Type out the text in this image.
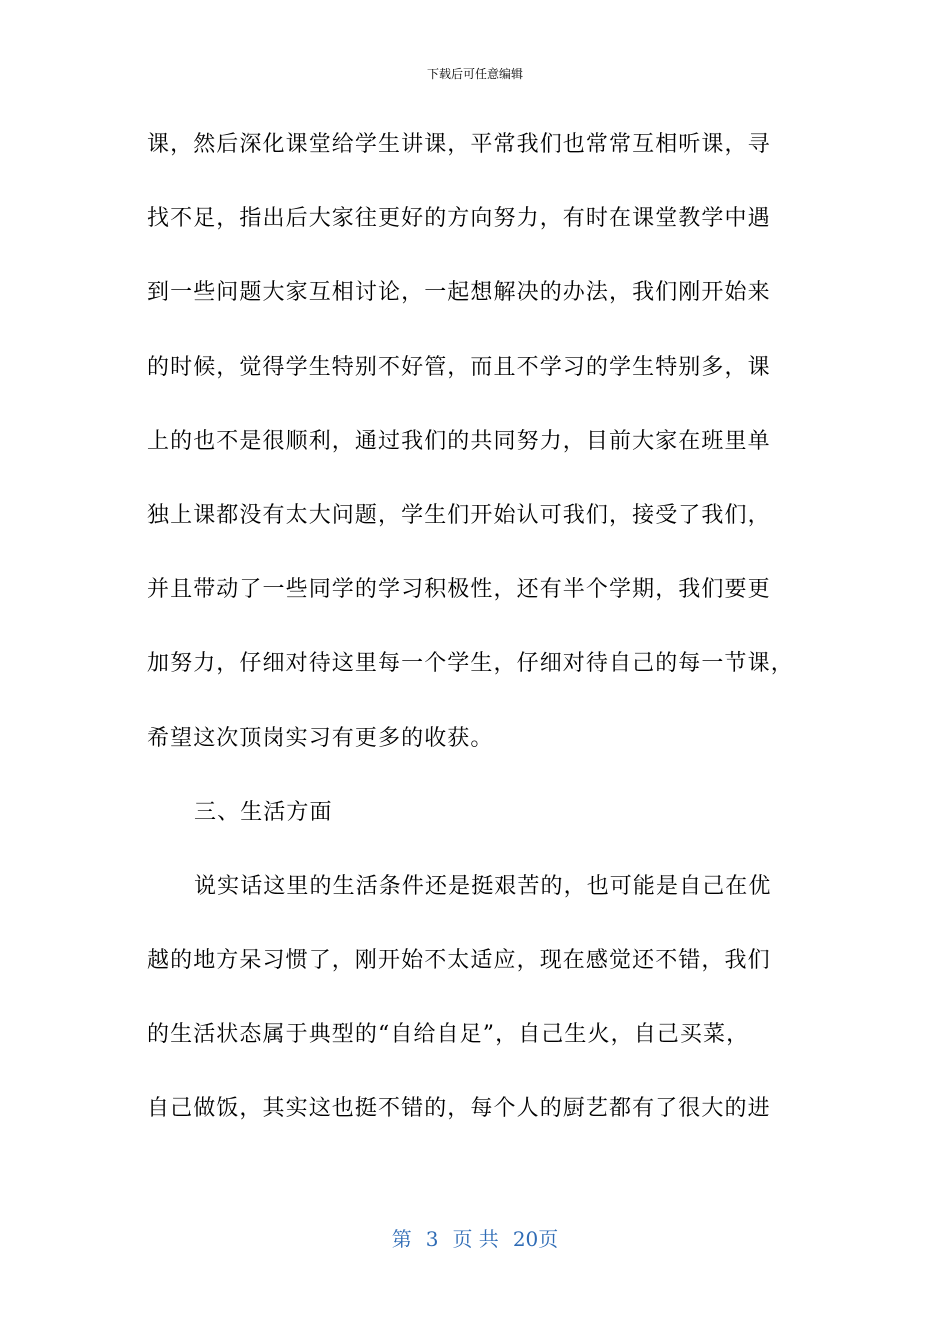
下载后可任意编辑
课，然后深化课堂给学生讲课，平常我们也常常互相听课，寻
找不足，指出后大家往更好的方向努力，有时在课堂教学中遇
到一些问题大家互相讨论，一起想解决的办法，我们刚开始来
的时候，觉得学生特别不好管，而且不学习的学生特别多，课
上的也不是很顺利，通过我们的共同努力，目前大家在班里单
独上课都没有太大问题，学生们开始认可我们，接受了我们，
并且带动了一些同学的学习积极性，还有半个学期，我们要更
加努力，仔细对待这里每一个学生，仔细对待自己的每一节课，
希望这次顶岗实习有更多的收获。
三、生活方面
说实话这里的生活条件还是挺艰苦的，也可能是自己在优
越的地方呆习惯了，刚开始不太适应，现在感觉还不错，我们
的生活状态属于典型的“自给自足”，自己生火，自己买菜，
自己做饭，其实这也挺不错的，每个人的厨艺都有了很大的进
第 3 页 共 20页
